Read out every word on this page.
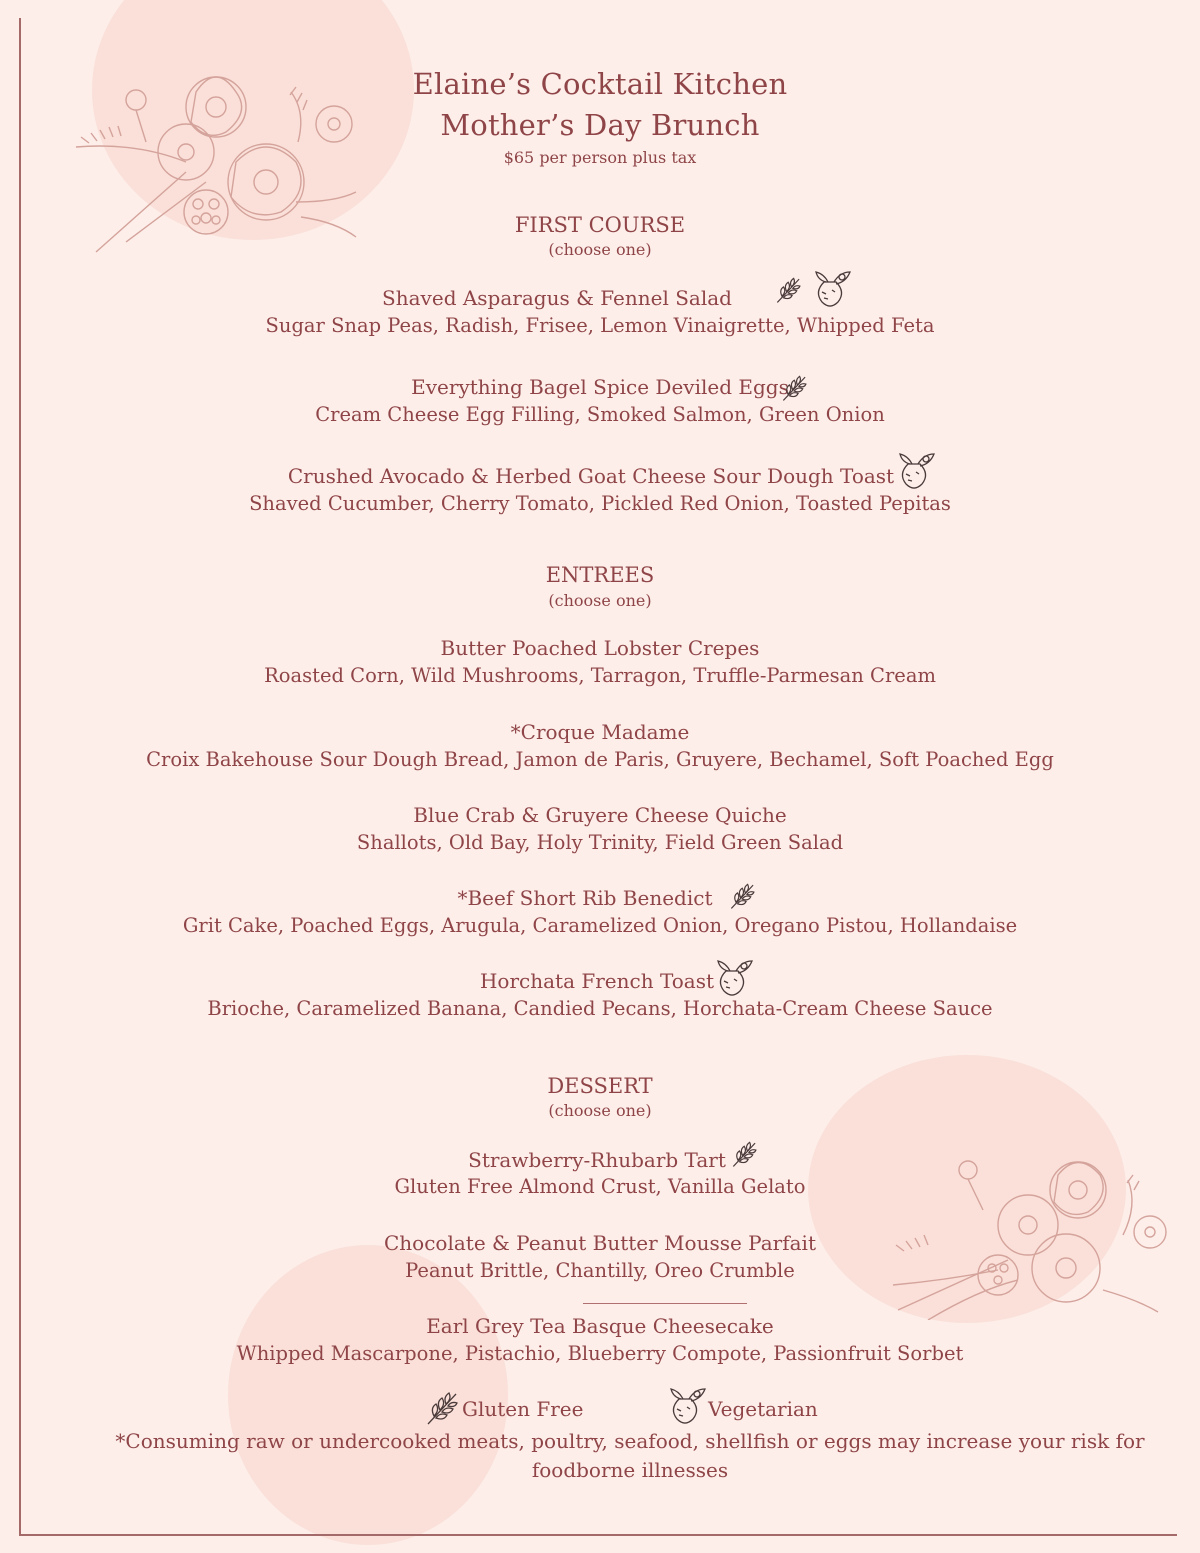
Elaine’s Cocktail Kitchen
Mother’s Day Brunch
$65 per person plus tax
FIRST COURSE
(choose one)
Shaved Asparagus & Fennel Salad
Sugar Snap Peas, Radish, Frisee, Lemon Vinaigrette, Whipped Feta
Everything Bagel Spice Deviled Eggs
Cream Cheese Egg Filling, Smoked Salmon, Green Onion
Crushed Avocado & Herbed Goat Cheese Sour Dough Toast
Shaved Cucumber, Cherry Tomato, Pickled Red Onion, Toasted Pepitas
ENTREES
(choose one)
Butter Poached Lobster Crepes
Roasted Corn, Wild Mushrooms, Tarragon, Truffle-Parmesan Cream
*Croque Madame
Croix Bakehouse Sour Dough Bread, Jamon de Paris, Gruyere, Bechamel, Soft Poached Egg
Blue Crab & Gruyere Cheese Quiche
Shallots, Old Bay, Holy Trinity, Field Green Salad
*Beef Short Rib Benedict
Grit Cake, Poached Eggs, Arugula, Caramelized Onion, Oregano Pistou, Hollandaise
Horchata French Toast
Brioche, Caramelized Banana, Candied Pecans, Horchata-Cream Cheese Sauce
DESSERT
(choose one)
Strawberry-Rhubarb Tart
Gluten Free Almond Crust, Vanilla Gelato
Chocolate & Peanut Butter Mousse Parfait
Peanut Brittle, Chantilly, Oreo Crumble
Earl Grey Tea Basque Cheesecake
Whipped Mascarpone, Pistachio, Blueberry Compote, Passionfruit Sorbet
Gluten Free	Vegetarian
*Consuming raw or undercooked meats, poultry, seafood, shellfish or eggs may increase your risk for
foodborne illnesses
